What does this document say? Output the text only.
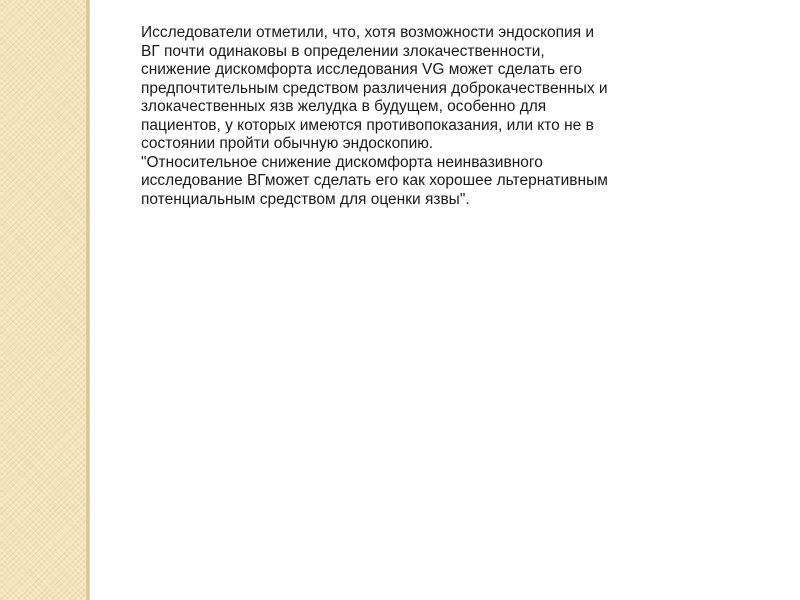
Исследователи отметили, что, хотя возможности эндоскопия и
ВГ почти одинаковы в определении злокачественности,
снижение дискомфорта исследования VG может сделать его
предпочтительным средством различения доброкачественных и
злокачественных язв желудка в будущем, особенно для
пациентов, у которых имеются противопоказания, или кто не в
состоянии пройти обычную эндоскопию.
"Относительное снижение дискомфорта неинвазивного
исследование ВГможет сделать его как хорошее льтернативным
потенциальным средством для оценки язвы".
